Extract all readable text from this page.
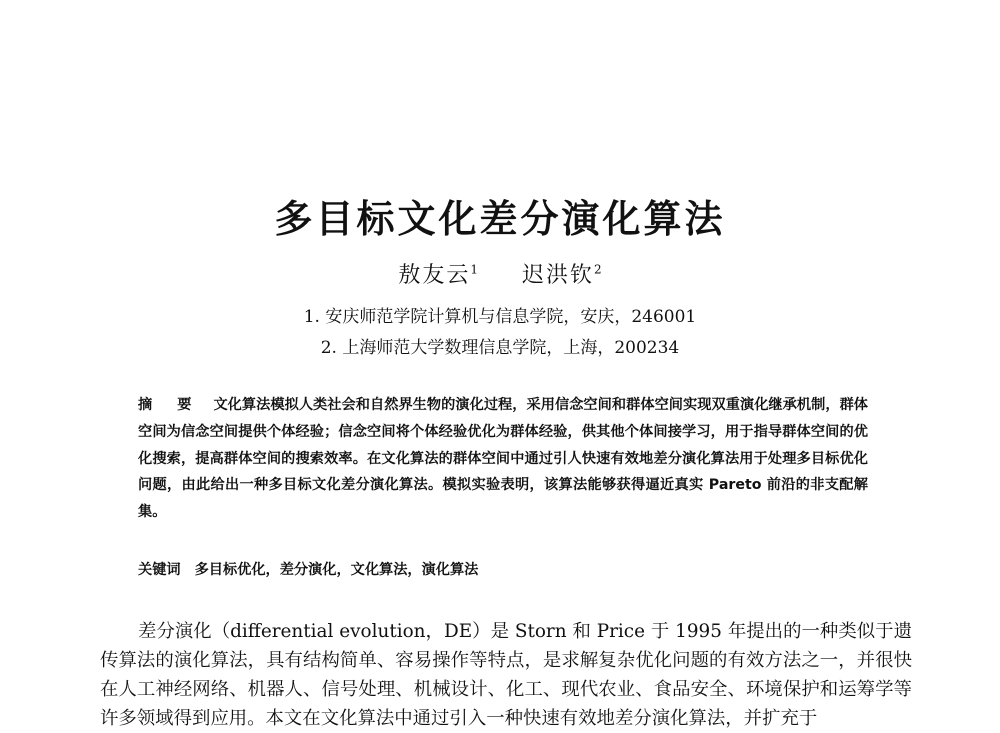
多目标文化差分演化算法
敖友云$^1$ 迟洪钦$^2$
1. 安庆师范学院计算机与信息学院，安庆，246001
2. 上海师范大学数理信息学院，上海，200234
摘 要 文化算法模拟人类社会和自然界生物的演化过程，采用信念空间和群体空间实现双重演化继承机制，群体空间为信念空间提供个体经验；信念空间将个体经验优化为群体经验，供其他个体间接学习，用于指导群体空间的优化搜索，提高群体空间的搜索效率。在文化算法的群体空间中通过引人快速有效地差分演化算法用于处理多目标优化问题，由此给出一种多目标文化差分演化算法。模拟实验表明，该算法能够获得逼近真实 Pareto 前沿的非支配解集。
关键词 多目标优化，差分演化，文化算法，演化算法
差分演化（differential evolution，DE）是 Storn 和 Price 于 1995 年提出的一种类似于遗传算法的演化算法，具有结构简单、容易操作等特点，是求解复杂优化问题的有效方法之一，并很快在人工神经网络、机器人、信号处理、机械设计、化工、现代农业、食品安全、环境保护和运筹学等许多领域得到应用。本文在文化算法中通过引入一种快速有效地差分演化算法，并扩充于
